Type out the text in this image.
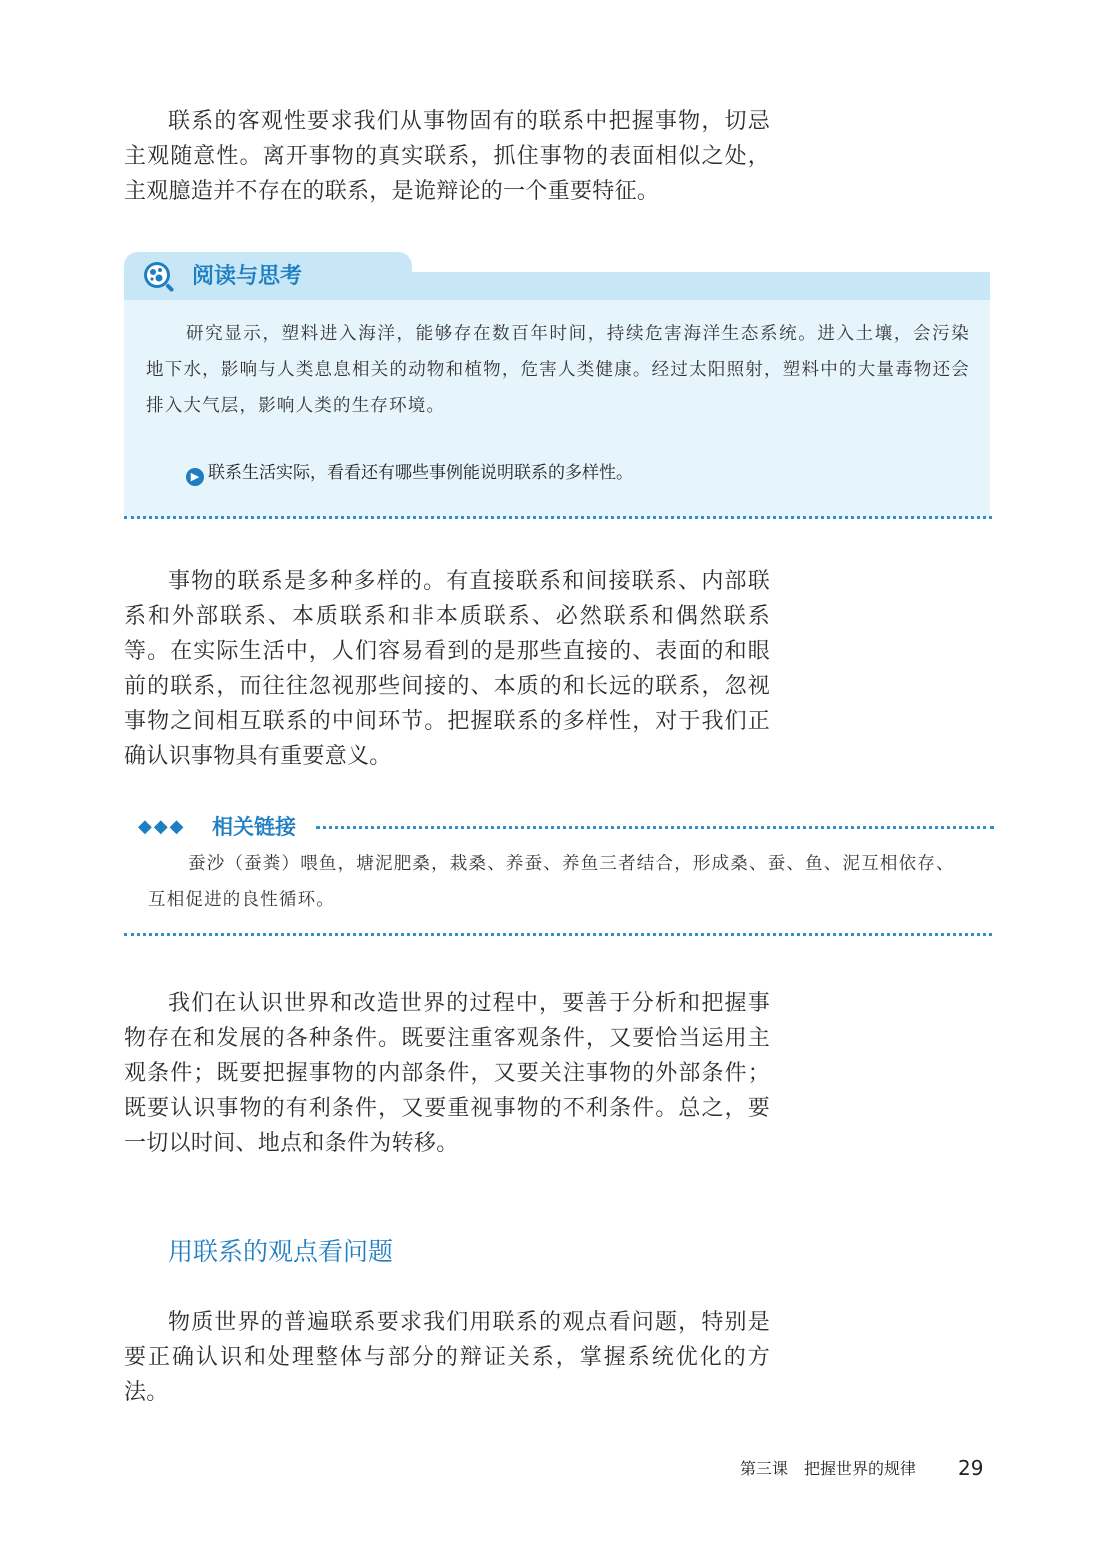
联系的客观性要求我们从事物固有的联系中把握事物，切忌主观随意性。离开事物的真实联系，抓住事物的表面相似之处，主观臆造并不存在的联系，是诡辩论的一个重要特征。

阅读与思考

研究显示，塑料进入海洋，能够存在数百年时间，持续危害海洋生态系统。进入土壤，会污染地下水，影响与人类息息相关的动物和植物，危害人类健康。经过太阳照射，塑料中的大量毒物还会排入大气层，影响人类的生存环境。

▶ 联系生活实际，看看还有哪些事例能说明联系的多样性。

事物的联系是多种多样的。有直接联系和间接联系、内部联系和外部联系、本质联系和非本质联系、必然联系和偶然联系等。在实际生活中，人们容易看到的是那些直接的、表面的和眼前的联系，而往往忽视那些间接的、本质的和长远的联系，忽视事物之间相互联系的中间环节。把握联系的多样性，对于我们正确认识事物具有重要意义。

◆◆◆ 相关链接

蚕沙（蚕粪）喂鱼，塘泥肥桑，栽桑、养蚕、养鱼三者结合，形成桑、蚕、鱼、泥互相依存、互相促进的良性循环。

我们在认识世界和改造世界的过程中，要善于分析和把握事物存在和发展的各种条件。既要注重客观条件，又要恰当运用主观条件；既要把握事物的内部条件，又要关注事物的外部条件；既要认识事物的有利条件，又要重视事物的不利条件。总之，要一切以时间、地点和条件为转移。

用联系的观点看问题

物质世界的普遍联系要求我们用联系的观点看问题，特别是要正确认识和处理整体与部分的辩证关系，掌握系统优化的方法。

第三课　把握世界的规律 29
